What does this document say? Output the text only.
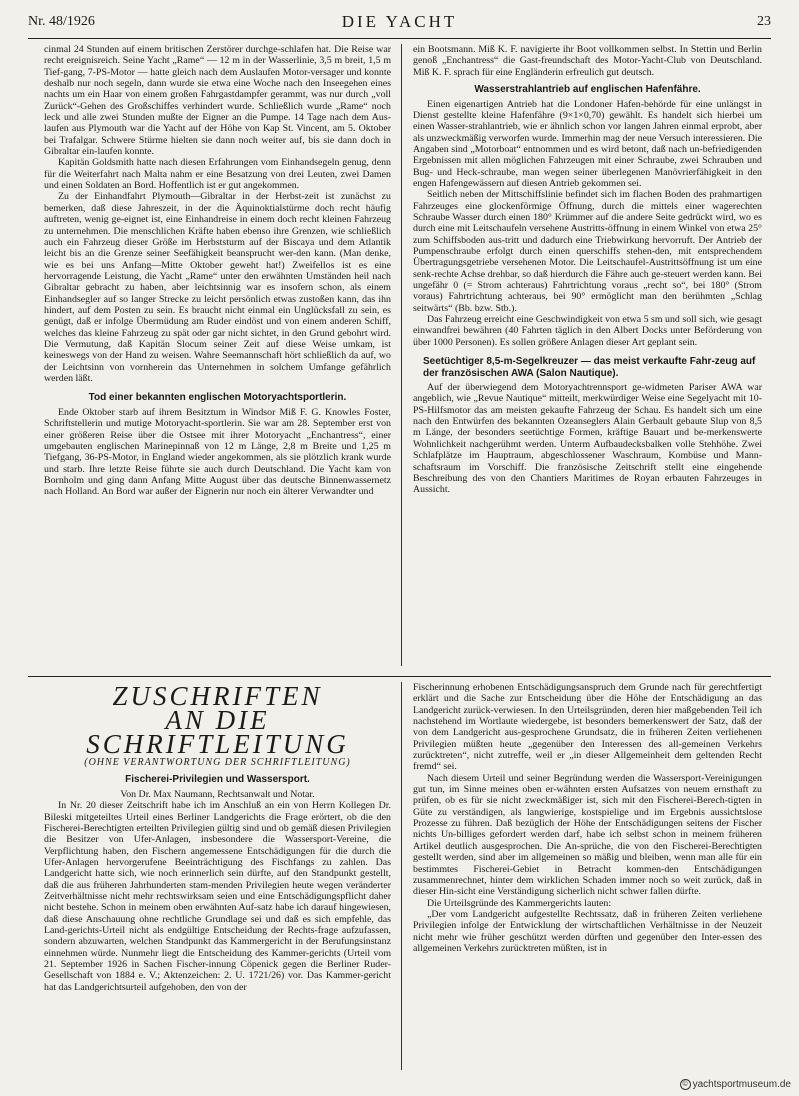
Nr. 48/1926	DIE YACHT	23

cinmal 24 Stunden auf einem britischen Zerstörer durchge-schlafen hat. Die Reise war recht ereignisreich. Seine Yacht „Rame“ — 12 m in der Wasserlinie, 3,5 m breit, 1,5 m Tief-gang, 7-PS-Motor — hatte gleich nach dem Auslaufen Motor-versager und konnte deshalb nur noch segeln, dann wurde sie etwa eine Woche nach den Inseegehen eines nachts um ein Haar von einem großen Fahrgastdampfer gerammt, was nur durch „voll Zurück“-Gehen des Großschiffes verhindert wurde. Schließlich wurde „Rame“ noch leck und alle zwei Stunden mußte der Eigner an die Pumpe. 14 Tage nach dem Aus-laufen aus Plymouth war die Yacht auf der Höhe von Kap St. Vincent, am 5. Oktober bei Trafalgar. Schwere Stürme hielten sie dann noch weiter auf, bis sie dann doch in Gibraltar ein-laufen konnte.

Kapitän Goldsmith hatte nach diesen Erfahrungen vom Einhandsegeln genug, denn für die Weiterfahrt nach Malta nahm er eine Besatzung von drei Leuten, zwei Damen und einen Soldaten an Bord. Hoffentlich ist er gut angekommen.

Zu der Einhandfahrt Plymouth—Gibraltar in der Herbst-zeit ist zunächst zu bemerken, daß diese Jahreszeit, in der die Äquinoktialstürme doch recht häufig auftreten, wenig ge-eignet ist, eine Einhandreise in einem doch recht kleinen Fahrzeug zu unternehmen. Die menschlichen Kräfte haben ebenso ihre Grenzen, wie schließlich auch ein Fahrzeug dieser Größe im Herbststurm auf der Biscaya und dem Atlantik leicht bis an die Grenze seiner Seefähigkeit beansprucht wer-den kann. (Man denke, wie es bei uns Anfang—Mitte Oktober geweht hat!) Zweifellos ist es eine hervorragende Leistung, die Yacht „Rame“ unter den erwähnten Umständen heil nach Gibraltar gebracht zu haben, aber leichtsinnig war es insofern schon, als einem Einhandsegler auf so langer Strecke zu leicht persönlich etwas zustoßen kann, das ihn hindert, auf dem Posten zu sein. Es braucht nicht einmal ein Unglücksfall zu sein, es genügt, daß er infolge Übermüdung am Ruder eindöst und von einem anderen Schiff, welches das kleine Fahrzeug zu spät oder gar nicht sichtet, in den Grund gebohrt wird. Die Vermutung, daß Kapitän Slocum seiner Zeit auf diese Weise umkam, ist keineswegs von der Hand zu weisen. Wahre Seemannschaft hört schließlich da auf, wo der Leichtsinn von vornherein das Unternehmen in solchem Umfange gefährlich werden läßt.

Tod einer bekannten englischen Motoryachtsportlerin.

Ende Oktober starb auf ihrem Besitztum in Windsor Miß F. G. Knowles Foster, Schriftstellerin und mutige Motoryacht-sportlerin. Sie war am 28. September erst von einer größeren Reise über die Ostsee mit ihrer Motoryacht „Enchantress“, einer umgebauten englischen Marinepinnaß von 12 m Länge, 2,8 m Breite und 1,25 m Tiefgang, 36-PS-Motor, in England wieder angekommen, als sie plötzlich krank wurde und starb. Ihre letzte Reise führte sie auch durch Deutschland. Die Yacht kam von Bornholm und ging dann Anfang Mitte August über das deutsche Binnenwassernetz nach Holland. An Bord war außer der Eignerin nur noch ein älterer Verwandter und

ein Bootsmann. Miß K. F. navigierte ihr Boot vollkommen selbst. In Stettin und Berlin genoß „Enchantress“ die Gast-freundschaft des Motor-Yacht-Club von Deutschland. Miß K. F. sprach für eine Engländerin erfreulich gut deutsch.

Wasserstrahlantrieb auf englischen Hafenfähre.

Einen eigenartigen Antrieb hat die Londoner Hafen-behörde für eine unlängst in Dienst gestellte kleine Hafenfähre (9×1×0,70) gewählt. Es handelt sich hierbei um einen Wasser-strahlantrieb, wie er ähnlich schon vor langen Jahren einmal erprobt, aber als unzweckmäßig verworfen wurde. Immerhin mag der neue Versuch interessieren. Die Angaben sind „Motorboat“ entnommen und es wird betont, daß nach un-befriedigenden Ergebnissen mit allen möglichen Fahrzeugen mit einer Schraube, zwei Schrauben und Bug- und Heck-schraube, man wegen seiner überlegenen Manövrierfähigkeit in den engen Hafengewässern auf diesen Antrieb gekommen sei.

Seitlich neben der Mittschiffslinie befindet sich im flachen Boden des prahmartigen Fahrzeuges eine glockenförmige Öffnung, durch die mittels einer wagerechten Schraube Wasser durch einen 180° Krümmer auf die andere Seite gedrückt wird, wo es durch eine mit Leitschaufeln versehene Austritts-öffnung in einem Winkel von etwa 25° zum Schiffsboden aus-tritt und dadurch eine Triebwirkung hervorruft. Der Antrieb der Pumpenschraube erfolgt durch einen querschiffs stehen-den, mit entsprechendem Übertragungsgetriebe versehenen Motor. Die Leitschaufel-Austrittsöffnung ist um eine senk-rechte Achse drehbar, so daß hierdurch die Fähre auch ge-steuert werden kann. Bei ungefähr 0 (= Strom achteraus) Fahrtrichtung voraus „recht so“, bei 180° (Strom voraus) Fahrtrichtung achteraus, bei 90° ermöglicht man den berühmten „Schlag seitwärts“ (Bb. bzw. Stb.).

Das Fahrzeug erreicht eine Geschwindigkeit von etwa 5 sm und soll sich, wie gesagt einwandfrei bewähren (40 Fahrten täglich in den Albert Docks unter Beförderung von über 1000 Personen). Es sollen größere Anlagen dieser Art geplant sein.

Seetüchtiger 8,5-m-Segelkreuzer — das meist verkaufte Fahr-zeug auf der französischen AWA (Salon Nautique).

Auf der überwiegend dem Motoryachtrennsport ge-widmeten Pariser AWA war angeblich, wie „Revue Nautique“ mitteilt, merkwürdiger Weise eine Segelyacht mit 10-PS-Hilfsmotor das am meisten gekaufte Fahrzeug der Schau. Es handelt sich um eine nach den Entwürfen des bekannten Ozeanseglers Alain Gerbault gebaute Slup von 8,5 m Länge, der besonders seetüchtige Formen, kräftige Bauart und be-merkenswerte Wohnlichkeit nachgerühmt werden. Unterm Aufbaudecksbalken volle Stehhöhe. Zwei Schlafplätze im Hauptraum, abgeschlossener Waschraum, Kombüse und Mann-schaftsraum im Vorschiff. Die französische Zeitschrift stellt eine eingehende Beschreibung des von den Chantiers Maritimes de Royan erbauten Fahrzeuges in Aussicht.

ZUSCHRIFTEN
AN DIE SCHRIFTLEITUNG
(OHNE VERANTWORTUNG DER SCHRIFTLEITUNG)
Fischerei-Privilegien und Wassersport.

Von Dr. Max Naumann, Rechtsanwalt und Notar.

In Nr. 20 dieser Zeitschrift habe ich im Anschluß an ein von Herrn Kollegen Dr. Bileski mitgeteiltes Urteil eines Berliner Landgerichts die Frage erörtert, ob die den Fischerei-Berechtigten erteilten Privilegien gültig sind und ob gemäß diesen Privilegien die Besitzer von Ufer-Anlagen, insbesondere die Wassersport-Vereine, die Verpflichtung haben, den Fischern angemessene Entschädigungen für die durch die Ufer-Anlagen hervorgerufene Beeinträchtigung des Fischfangs zu zahlen. Das Landgericht hatte sich, wie noch erinnerlich sein dürfte, auf den Standpunkt gestellt, daß die aus früheren Jahrhunderten stam-menden Privilegien heute wegen veränderter Zeitverhältnisse nicht mehr rechtswirksam seien und eine Entschädigungspflicht daher nicht bestehe. Schon in meinem oben erwähnten Auf-satz habe ich darauf hingewiesen, daß diese Anschauung ohne rechtliche Grundlage sei und daß es sich empfehle, das Land-gerichts-Urteil nicht als endgültige Entscheidung der Rechts-frage aufzufassen, sondern abzuwarten, welchen Standpunkt das Kammergericht in der Berufungsinstanz einnehmen würde. Nunmehr liegt die Entscheidung des Kammer-gerichts (Urteil vom 21. September 1926 in Sachen Fischer-innung Cöpenick gegen die Berliner Ruder-Gesellschaft von 1884 e. V.; Aktenzeichen: 2. U. 1721/26) vor. Das Kammer-gericht hat das Landgerichtsurteil aufgehoben, den von der

Fischerinnung erhobenen Entschädigungsanspruch dem Grunde nach für gerechtfertigt erklärt und die Sache zur Entscheidung über die Höhe der Entschädigung an das Landgericht zurück-verwiesen. In den Urteilsgründen, deren hier maßgebenden Teil ich nachstehend im Wortlaute wiedergebe, ist besonders bemerkenswert der Satz, daß der von dem Landgericht aus-gesprochene Grundsatz, die in früheren Zeiten verliehenen Privilegien müßten heute „gegenüber den Interessen des all-gemeinen Verkehrs zurücktreten“, nicht zutreffe, weil er „in dieser Allgemeinheit dem geltenden Recht fremd“ sei.

Nach diesem Urteil und seiner Begründung werden die Wassersport-Vereinigungen gut tun, im Sinne meines oben er-wähnten ersten Aufsatzes von neuem ernsthaft zu prüfen, ob es für sie nicht zweckmäßiger ist, sich mit den Fischerei-Berech-tigten in Güte zu verständigen, als langwierige, kostspielige und im Ergebnis aussichtslose Prozesse zu führen. Daß bezüglich der Höhe der Entschädigungen seitens der Fischer nichts Un-billiges gefordert werden darf, habe ich selbst schon in meinem früheren Artikel deutlich ausgesprochen. Die An-sprüche, die von den Fischerei-Berechtigten gestellt werden, sind aber im allgemeinen so mäßig und bleiben, wenn man alle für ein bestimmtes Fischerei-Gebiet in Betracht kommen-den Entschädigungen zusammenrechnet, hinter dem wirklichen Schaden immer noch so weit zurück, daß in dieser Hin-sicht eine Verständigung sicherlich nicht schwer fallen dürfte.

Die Urteilsgründe des Kammergerichts lauten:

„Der vom Landgericht aufgestellte Rechtssatz, daß in früheren Zeiten verliehene Privilegien infolge der Entwicklung der wirtschaftlichen Verhältnisse in der Neuzeit nicht mehr wie früher geschützt werden dürften und gegenüber den Inter-essen des allgemeinen Verkehrs zurücktreten müßten, ist in

© yachtsportmuseum.de
